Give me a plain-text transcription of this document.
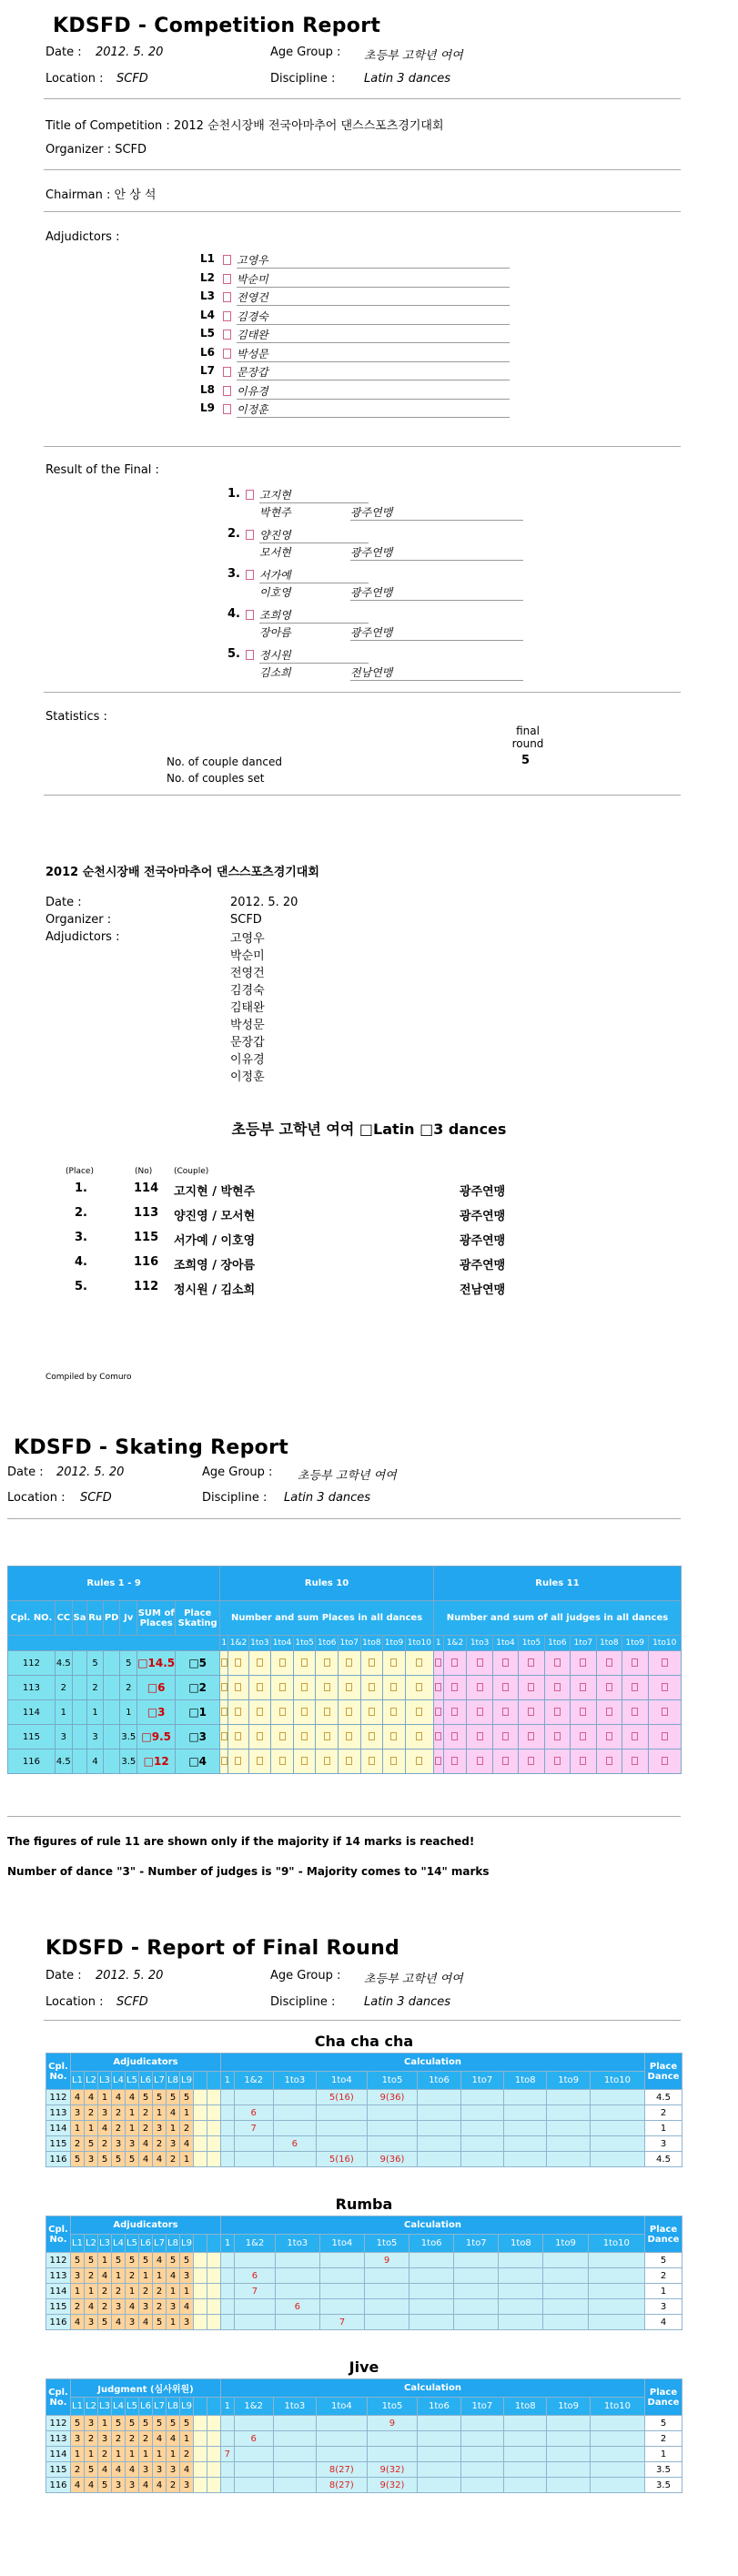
KDSFD - Competition Report
Date : 2012. 5. 20	Age Group : 초등부 고학년 여여
Location : SCFD	Discipline : Latin 3 dances
Title of Competition : 2012 순천시장배 전국아마추어 댄스스포츠경기대회
Organizer : SCFD
Chairman : 안 상 석
Adjudictors :
L1 고영우
L2 박순미
L3 전영건
L4 김경숙
L5 김태완
L6 박성문
L7 문장갑
L8 이유경
L9 이정훈
Result of the Final :
1. 고지현
박현주	광주연맹
2. 양진영
모서현	광주연맹
3. 서가예
이호영	광주연맹
4. 조희영
장아름	광주연맹
5. 정시원
김소희	전남연맹
Statistics :
final round
No. of couple danced	5
No. of couples set
2012 순천시장배 전국아마추어 댄스스포츠경기대회
Date :	2012. 5. 20
Organizer :	SCFD
Adjudictors :	고영우
박순미
전영건
김경숙
김태완
박성문
문장갑
이유경
이정훈
초등부 고학년 여여 □Latin □3 dances
(Place)	(No)	(Couple)
1.	114 고지현 / 박현주	광주연맹
2.	113 양진영 / 모서현	광주연맹
3.	115 서가예 / 이호영	광주연맹
4.	116 조희영 / 장아름	광주연맹
5.	112 정시원 / 김소희	전남연맹
Compiled by Comuro
KDSFD - Skating Report
Date : 2012. 5. 20	Age Group : 초등부 고학년 여여
Location : SCFD	Discipline : Latin 3 dances
Rules 1 - 9								Rules 10										Rules 11									
Cpl. NO.	CC	Sa	Ru	PD	Jv	SUM of Places	Place Skating	Number and sum Places in all dances										Number and sum of all judges in all dances									
								1	1&2	1to3	1to4	1to5	1to6	1to7	1to8	1to9	1to10	1	1&2	1to3	1to4	1to5	1to6	1to7	1to8	1to9	1to10
112	4.5		5		5	□14.5	□5																				
113	2		2		2	□6	□2																				
114	1		1		1	□3	□1																				
115	3		3		3.5	□9.5	□3																				
116	4.5		4		3.5	□12	□4																				
The figures of rule 11 are shown only if the majority if 14 marks is reached!
Number of dance "3" - Number of judges is "9" - Majority comes to "14" marks
KDSFD - Report of Final Round
Date : 2012. 5. 20	Age Group : 초등부 고학년 여여
Location : SCFD	Discipline : Latin 3 dances
Cha cha cha
Cpl. No.	Adjudicators											Calculation										Place Dance
	L1	L2	L3	L4	L5	L6	L7	L8	L9			1	1&2	1to3	1to4	1to5	1to6	1to7	1to8	1to9	1to10	
112	4	4	1	4	4	5	5	5	5						5(16)	9(36)						4.5
113	3	2	3	2	1	2	1	4	1				6									2
114	1	1	4	2	1	2	3	1	2				7									1
115	2	5	2	3	3	4	2	3	4					6								3
116	5	3	5	5	5	4	4	2	1						5(16)	9(36)						4.5
Rumba
Cpl. No.	Adjudicators											Calculation										Place Dance
	L1	L2	L3	L4	L5	L6	L7	L8	L9			1	1&2	1to3	1to4	1to5	1to6	1to7	1to8	1to9	1to10	
112	5	5	1	5	5	5	4	5	5							9						5
113	3	2	4	1	2	1	1	4	3				6									2
114	1	1	2	2	1	2	2	1	1				7									1
115	2	4	2	3	4	3	2	3	4					6								3
116	4	3	5	4	3	4	5	1	3						7							4
Jive
Cpl. No.	Judgment (심사위원)											Calculation										Place Dance
	L1	L2	L3	L4	L5	L6	L7	L8	L9			1	1&2	1to3	1to4	1to5	1to6	1to7	1to8	1to9	1to10	
112	5	3	1	5	5	5	5	5	5							9						5
113	3	2	3	2	2	2	4	4	1				6									2
114	1	1	2	1	1	1	1	1	2			7										1
115	2	5	4	4	4	3	3	3	4						8(27)	9(32)						3.5
116	4	4	5	3	3	4	4	2	3						8(27)	9(32)						3.5
